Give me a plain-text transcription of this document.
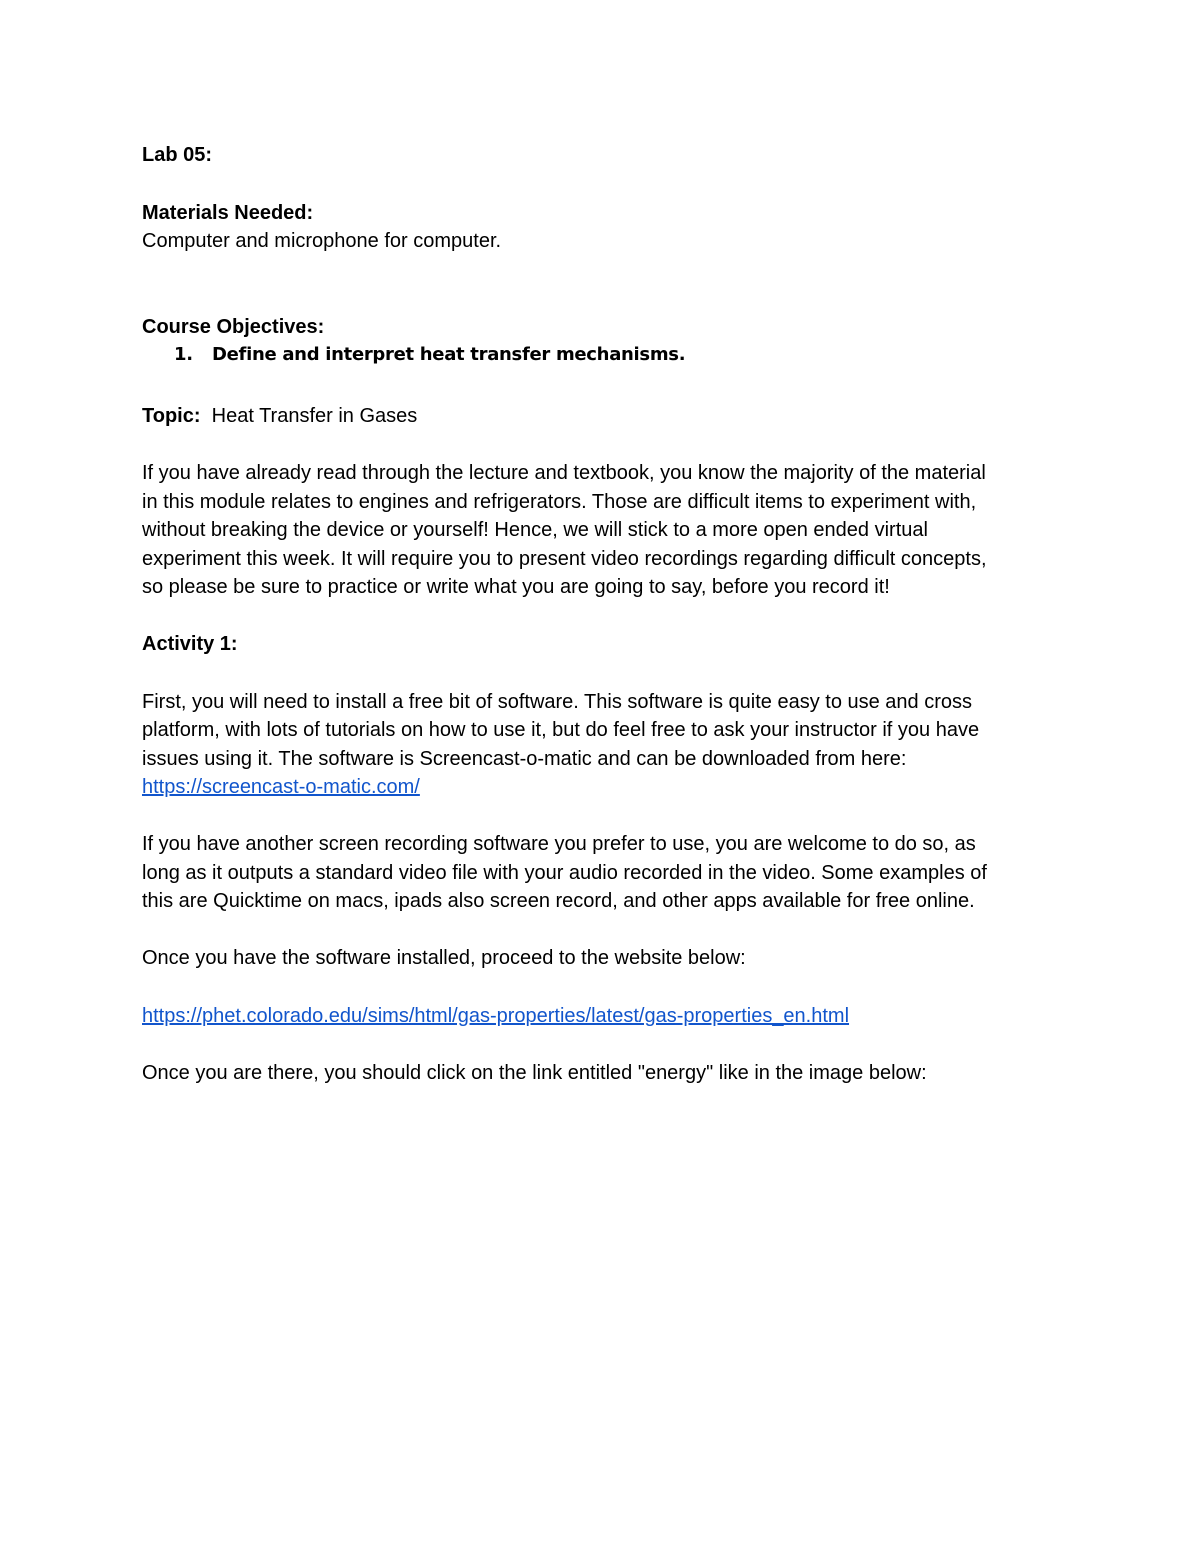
Lab 05:
Materials Needed:
Computer and microphone for computer.
Course Objectives:
1. Define and interpret heat transfer mechanisms.
Topic: Heat Transfer in Gases
If you have already read through the lecture and textbook, you know the majority of the material
in this module relates to engines and refrigerators. Those are difficult items to experiment with,
without breaking the device or yourself! Hence, we will stick to a more open ended virtual
experiment this week. It will require you to present video recordings regarding difficult concepts,
so please be sure to practice or write what you are going to say, before you record it!
Activity 1:
First, you will need to install a free bit of software. This software is quite easy to use and cross
platform, with lots of tutorials on how to use it, but do feel free to ask your instructor if you have
issues using it. The software is Screencast-o-matic and can be downloaded from here:
https://screencast-o-matic.com/
If you have another screen recording software you prefer to use, you are welcome to do so, as
long as it outputs a standard video file with your audio recorded in the video. Some examples of
this are Quicktime on macs, ipads also screen record, and other apps available for free online.
Once you have the software installed, proceed to the website below:
https://phet.colorado.edu/sims/html/gas-properties/latest/gas-properties_en.html
Once you are there, you should click on the link entitled "energy" like in the image below:
